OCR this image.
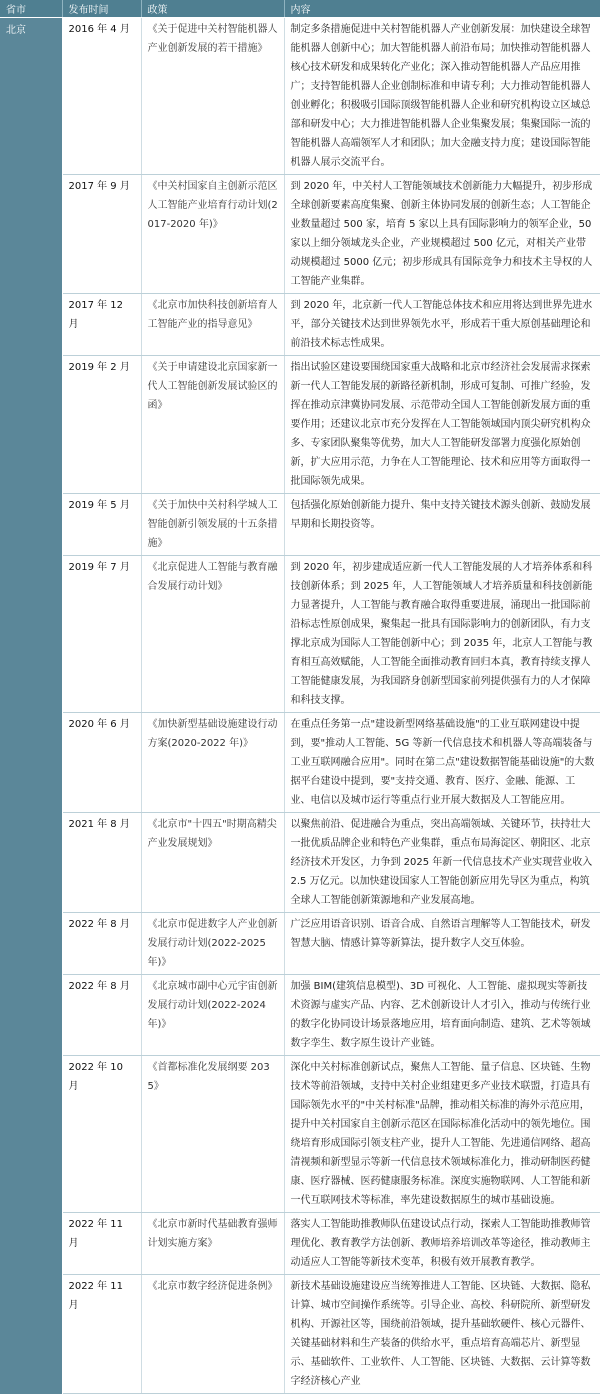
省市	发布时间	政策	内容
北京	2016 年 4 月	《关于促进中关村智能机器人产业创新发展的若干措施》	制定多条措施促进中关村智能机器人产业创新发展：加快建设全球智能机器人创新中心；加大智能机器人前沿布局；加快推动智能机器人核心技术研发和成果转化产业化；深入推动智能机器人产品应用推广；支持智能机器人企业创制标准和申请专利；大力推动智能机器人创业孵化；积极吸引国际顶级智能机器人企业和研究机构设立区域总部和研发中心；大力推进智能机器人企业集聚发展；集聚国际一流的智能机器人高端领军人才和团队；加大金融支持力度；建设国际智能机器人展示交流平台。
	2017 年 9 月	《中关村国家自主创新示范区人工智能产业培育行动计划(2017-2020 年)》	到 2020 年，中关村人工智能领域技术创新能力大幅提升，初步形成全球创新要素高度集聚、创新主体协同发展的创新生态；人工智能企业数量超过 500 家，培育 5 家以上具有国际影响力的领军企业，50 家以上细分领域龙头企业，产业规模超过 500 亿元，对相关产业带动规模超过 5000 亿元；初步形成具有国际竞争力和技术主导权的人工智能产业集群。
	2017 年 12 月	《北京市加快科技创新培育人工智能产业的指导意见》	到 2020 年，北京新一代人工智能总体技术和应用将达到世界先进水平，部分关键技术达到世界领先水平，形成若干重大原创基础理论和前沿技术标志性成果。
	2019 年 2 月	《关于申请建设北京国家新一代人工智能创新发展试验区的函》	指出试验区建设要围绕国家重大战略和北京市经济社会发展需求探索新一代人工智能发展的新路径新机制，形成可复制、可推广经验，发挥在推动京津冀协同发展、示范带动全国人工智能创新发展方面的重要作用；还建议北京市充分发挥在人工智能领域国内顶尖研究机构众多、专家团队聚集等优势，加大人工智能研发部署力度强化原始创新，扩大应用示范，力争在人工智能理论、技术和应用等方面取得一批国际领先成果。
	2019 年 5 月	《关于加快中关村科学城人工智能创新引领发展的十五条措施》	包括强化原始创新能力提升、集中支持关键技术源头创新、鼓励发展早期和长期投资等。
	2019 年 7 月	《北京促进人工智能与教育融合发展行动计划》	到 2020 年，初步建成适应新一代人工智能发展的人才培养体系和科技创新体系；到 2025 年，人工智能领域人才培养质量和科技创新能力显著提升，人工智能与教育融合取得重要进展，涌现出一批国际前沿标志性原创成果，聚集起一批具有国际影响力的创新团队，有力支撑北京成为国际人工智能创新中心；到 2035 年，北京人工智能与教育相互高效赋能，人工智能全面推动教育回归本真，教育持续支撑人工智能健康发展，为我国跻身创新型国家前列提供强有力的人才保障和科技支撑。
	2020 年 6 月	《加快新型基础设施建设行动方案(2020-2022 年)》	在重点任务第一点"建设新型网络基础设施"的工业互联网建设中提到，要"推动人工智能、5G 等新一代信息技术和机器人等高端装备与工业互联网融合应用"。同时在第二点"建设数据智能基础设施"的大数据平台建设中提到，要"支持交通、教育、医疗、金融、能源、工业、电信以及城市运行等重点行业开展大数据及人工智能应用。
	2021 年 8 月	《北京市"十四五"时期高精尖产业发展规划》	以聚焦前沿、促进融合为重点，突出高端领域、关键环节，扶持壮大一批优质品牌企业和特色产业集群，重点布局海淀区、朝阳区、北京经济技术开发区，力争到 2025 年新一代信息技术产业实现营业收入 2.5 万亿元。以加快建设国家人工智能创新应用先导区为重点，构筑全球人工智能创新策源地和产业发展高地。
	2022 年 8 月	《北京市促进数字人产业创新发展行动计划(2022-2025 年)》	广泛应用语音识别、语音合成、自然语言理解等人工智能技术，研发智慧大脑、情感计算等新算法，提升数字人交互体验。
	2022 年 8 月	《北京城市副中心元宇宙创新发展行动计划(2022-2024 年)》	加强 BIM(建筑信息模型)、3D 可视化、人工智能、虚拟现实等新技术资源与虚实产品、内容、艺术创新设计人才引入，推动与传统行业的数字化协同设计场景落地应用，培育面向制造、建筑、艺术等领域数字孪生、数字原生设计产业链。
	2022 年 10 月	《首都标准化发展纲要 2035》	深化中关村标准创新试点，聚焦人工智能、量子信息、区块链、生物技术等前沿领域，支持中关村企业组建更多产业技术联盟，打造具有国际领先水平的"中关村标准"品牌，推动相关标准的海外示范应用，提升中关村国家自主创新示范区在国际标准化活动中的领先地位。围绕培育形成国际引领支柱产业，提升人工智能、先进通信网络、超高清视频和新型显示等新一代信息技术领域标准化力，推动研制医药健康、医疗器械、医药健康服务标准。深度实施物联网、人工智能和新一代互联网技术等标准，率先建设数据原生的城市基础设施。
	2022 年 11 月	《北京市新时代基础教育强师计划实施方案》	落实人工智能助推教师队伍建设试点行动，探索人工智能助推教师管理优化、教育教学方法创新、教师培养培训改革等途径，推动教师主动适应人工智能等新技术变革，积极有效开展教育教学。
	2022 年 11 月	《北京市数字经济促进条例》	新技术基础设施建设应当统筹推进人工智能、区块链、大数据、隐私计算、城市空间操作系统等。引导企业、高校、科研院所、新型研发机构、开源社区等，围绕前沿领域，提升基础软硬件、核心元器件、关键基础材料和生产装备的供给水平，重点培育高端芯片、新型显示、基础软件、工业软件、人工智能、区块链、大数据、云计算等数字经济核心产业
